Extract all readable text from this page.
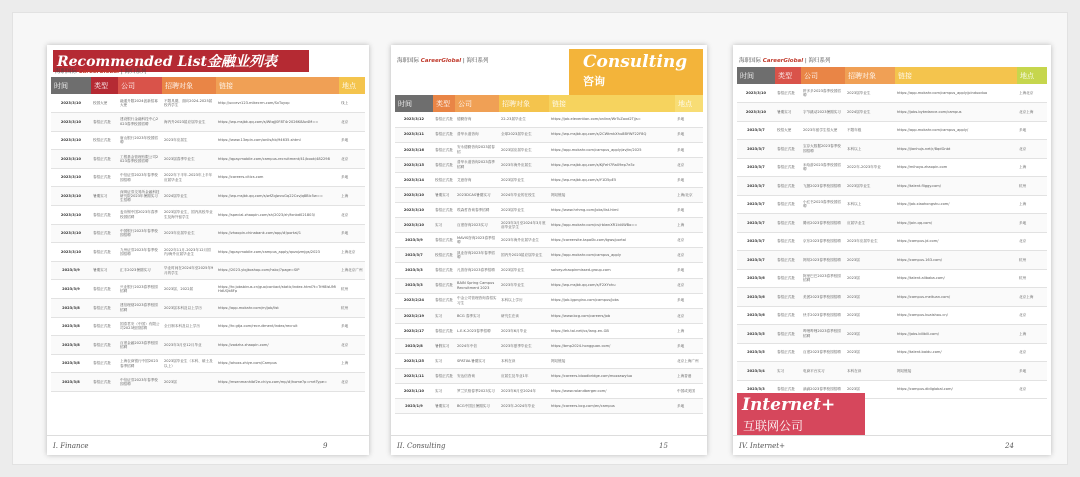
Recommended List金融业列表
海职国际 CareerGlobal | 海归系列
时间	类型	公司	招聘对象	链接	地点
2023/3/10	校园大使	融通升限2024创新招募大使	不限具期，面向2024-2025届校内学生	http://uccevr123.mikecrm.com/SxTuyxp	线上
2023/3/10	春招正式批	建设银行金融科技中心2023春季校园招聘	海内外2023届应届毕业生	https://wp.msjbk.qq.com/s/WtqjJ0F8T4r2026K8Av4M==	北京
2023/3/10	校招正式批	唐山银行2023年校园招聘	2023年应届生	https://www.13epin.com/onlis/kb/94635.shtml	多地
2023/3/10	春招正式批	工银基金管理有限公司2023春季校园招聘	2023届春季毕业生	https://qpay.mobile.com/campus-recruitment/41/book/482298	北京
2023/3/10	春招正式批	中信证券2023年春季校园招聘	2022年下半年-2023年上半年应届毕业生	https://careers.citics.com	多地
2023/3/10	暑期实习	深圳证券交易所金融科技研究院2023年暑期实习生招聘	2024届毕业生	https://wp.msjbk.qq.com/s/wfZqJwvuGq22CxvJq8Blc5w==	上海
2023/3/10	春招正式批	麦肯锡中国2023年春季校园招聘	2023届毕业生，国内高校毕业生及海外留学生	https://special.zhaopin.com/sh/2023/zh/fxnbd021803/	北京
2023/3/10	春招正式批	中国银行2023年春季校园招聘	2023年应届毕业生	https://zhaopin.chinabank.com/app/#/portal/1	多地
2023/3/10	春招正式批	九州证券2023年春季校园招聘	2022年11月-2023年12月国内/海外应届毕业生	https://qpay.mobile.com/campus_apply/qxzxjzmjgs/2023	上海北京
2023/3/9	暑期实习	汇丰2023暑期实习	毕业时间在2024年至2025年9月的学生	https://2023.ylqjkoshop.com/hsbc/?page=SIP	上海北京广州
2023/3/9	春招正式批	兴业银行2023春季校园招聘	2023届、2022届	https://hr.jobsbinus.cn/guo/contact/static/index.html?t=TrH8lsUMiHdUQk8Fp	杭州
2023/3/8	春招正式批	建信理财2023春季校园招聘	2023届本科及以上学历	https://app.mokahr.com/m/job/list	杭州
2023/3/8	春招正式批	国泰君安（中国）有限公司2023校园招聘	全日制本科及以上学历	https://hr.gtja.com/recruitment/index/recruit	多地
2023/3/8	春招正式批	百度金融2023春季校园招聘	2023年3月至12月毕业	https://zodzhz.zhaopin.com/	北京
2023/3/8	春招正式批	上海农商银行中国2023春季招聘	2023届毕业生（本科、硕士及以上）	https://ohoxs.zhiye.com/Campus	上海
2023/3/8	春招正式批	中信证券2023年春季校园招聘	2023届	https://msenmanhibf2e.chiyo.com/mp/#/home?p=mrtType=	北京
I. Finance	9
海职国际 CareerGlobal | 海归系列	Consulting
咨询
时间	类型	公司	招聘对象	链接	地点
2023/3/12	春招正式批	德勤咨询	22-23届毕业生	https://job.elevention.com/online/WrTuZoxd2Tjjs=	多地
2023/3/11	春招正式批	普华永道咨询	全球2023届毕业生	https://wp.msjbk.qq.com/s/2CWtmkXhu8BYWF22F8Q	多地
2023/3/16	春招正式批	安永德勤咨询2023届春招	2023届应届毕业生	https://app.mokahr.com/campus_apply/avjtn/2025	多地
2023/3/15	春招正式批	普华永道咨询2023春季招聘	2023年海外应届生	https://wp.msjbk.qq.com/s/KjFeH7Ra09ep7e3c	北京
2023/3/14	校招正式批	艾意咨询	2023届毕业生	https://wp.msjbk.qq.com/s/Y1D5pE5	多地
2023/3/10	暑期实习	2023DCAS暑期实习	2024年毕业的在校生	网站链接	上海/北京
2023/3/10	春招正式批	埃森哲咨询春季招聘	2023届毕业生	https://www.hrhmg.com/jobs/list.html	多地
2023/3/10	实习	百度咨询2023实习	2023年3月至2024年3月底前毕业学生	https://app.mokahr.com/cs/rblwnXR1Id4WBo==	上海
2023/3/9	春招正式批	MAVIS咨询2023春季招聘	2023年海外应届毕业生	https://careersite.tapa0b.com/tgws/portal	北京
2023/3/7	校招正式批	凯业咨询2023年春季招聘	国内外2023届应届毕业生	https://app.mokahr.com/campus_apply	北京
2023/3/3	春招正式批	凡普咨询2023春季招聘	2023届毕业生	solvey.zhaopinmissed-group.com	多地
2023/3/3	春招正式批	BAIN Spring Campus Recruitment 2023	2023年毕业生	https://wp.msjbk.qq.com/s/F2XYxhu	北京
2023/2/24	春招正式批	中金公司管理咨询春招实习生	本科以上学历	https://job.lgpnginx.com/campus/jobs	多地
2023/2/19	实习	BCG 春季实习	研究生在读	https://www.bcg.com/careers/job	北京
2023/2/17	春招正式批	L.E.K.2023春季招聘	2023年6月毕业	https://lek.tal.net/vx/lang-en-GB	上海
2023/2/8	暑假实习	2024年中信	2023年夏季毕业生	https://bmp2024.hongguan.com/	多地
2023/1/25	实习	SPATIAL暑期实习	本科在读	网站链接	北京上海广州
2023/1/11	春招正式批	安达信咨询	应届生及毕业1年	https://careers.bloodbridge.com/mozzawyluo	上海香港
2023/1/10	实习	罗兰贝格春季2023实习	2023年6月至2024年	https://www.rolandberger.com/	中国或美国
2023/1/9	暑期实习	BCG中国区暑期实习	2023年-2024年毕业	https://careers.bcg.com/en/campus	多地
II. Consulting	15
海职国际 CareerGlobal | 海归系列
时间	类型	公司	招聘对象	链接	地点
2023/3/10	春招正式批	拼多多2023春季校园招聘	2023届毕业生	https://app.mokahr.com/campus_apply/pinduoduo	上海北京
2023/3/10	暑期实习	字节跳动2023暑期实习	2024届毕业生	https://jobs.bytedance.com/campus	北京上海
2023/3/7	校招大使	2023年留学生招大使	不限年级	https://app.mokahr.com/campus_apply/	多地
2023/3/7	春招正式批	宝存大数据2023春季校园招聘	本科以上	https://jianhujs.net/r/8qdGnbt	北京
2023/3/7	春招正式批	米哈游2023春季校园招聘	2022年-2023年毕业	https://mihoyo.zhaopin.com	上海
2023/3/7	春招正式批	飞猪2023春季校园招聘	2023届毕业生	https://talent.fliggy.com/	杭州
2023/3/7	春招正式批	小红书2023春季校园招聘	本科以上	https://job.xiaohongshu.com/	上海
2023/3/7	春招正式批	腾讯2023春季校园招聘	应届毕业生	https://join.qq.com/	多地
2023/3/7	春招正式批	京东2023春季校园招聘	2023年应届毕业生	https://campus.jd.com/	北京
2023/3/7	春招正式批	网易2023春季校园招聘	2023届	https://campus.163.com/	杭州
2023/3/6	春招正式批	阿里巴巴2023春季校园招聘	2023届	https://talent.alibaba.com/	杭州
2023/3/6	春招正式批	美团2023春季校园招聘	2023届	https://campus.meituan.com/	北京上海
2023/3/6	春招正式批	快手2023春季校园招聘	2023届	https://campus.kuaishou.cn/	北京
2023/3/5	春招正式批	哔哩哔哩2023春季校园招聘	2023届	https://jobs.bilibili.com/	上海
2023/3/5	春招正式批	百度2023春季校园招聘	2023届	https://talent.baidu.com/	北京
2023/3/4	实习	电商平台实习	本科在读	网站链接	多地
2023/3/3	春招正式批	滴滴2023春季校园招聘	2023届	https://campus.didiglobal.com/	北京
Internet+
互联网公司
IV. Internet+	24
